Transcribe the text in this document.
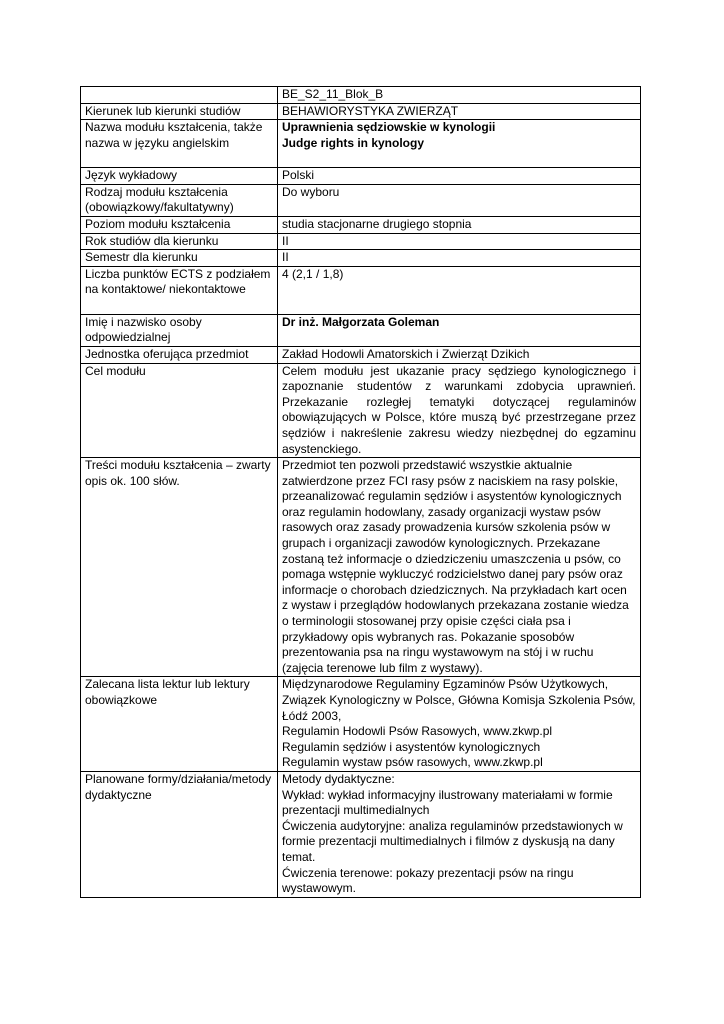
	BE_S2_11_Blok_B
Kierunek lub kierunki studiów	BEHAWIORYSTYKA ZWIERZĄT
Nazwa modułu kształcenia, także nazwa w języku angielskim	Uprawnienia sędziowskie w kynologii
Judge rights in kynology

Język wykładowy	Polski
Rodzaj modułu kształcenia (obowiązkowy/fakultatywny)	Do wyboru
Poziom modułu kształcenia	studia stacjonarne drugiego stopnia
Rok studiów dla kierunku	II
Semestr dla kierunku	II
Liczba punktów ECTS z podziałem na kontaktowe/ niekontaktowe	4 (2,1 / 1,8)
Imię i nazwisko osoby odpowiedzialnej	Dr inż. Małgorzata Goleman
Jednostka oferująca przedmiot	Zakład Hodowli Amatorskich i Zwierząt Dzikich
Cel modułu	Celem modułu jest ukazanie pracy sędziego kynologicznego i zapoznanie studentów z warunkami zdobycia uprawnień. Przekazanie rozległej tematyki dotyczącej regulaminów obowiązujących w Polsce, które muszą być przestrzegane przez sędziów i nakreślenie zakresu wiedzy niezbędnej do egzaminu asystenckiego.
Treści modułu kształcenia – zwarty opis ok. 100 słów.	Przedmiot ten pozwoli przedstawić wszystkie aktualnie zatwierdzone przez FCI rasy psów z naciskiem na rasy polskie, przeanalizować regulamin sędziów i asystentów kynologicznych oraz regulamin hodowlany, zasady organizacji wystaw psów rasowych oraz zasady prowadzenia kursów szkolenia psów w grupach i organizacji zawodów kynologicznych. Przekazane zostaną też informacje o dziedziczeniu umaszczenia u psów, co pomaga wstępnie wykluczyć rodzicielstwo danej pary psów oraz informacje o chorobach dziedzicznych. Na przykładach kart ocen z wystaw i przeglądów hodowlanych przekazana zostanie wiedza o terminologii stosowanej przy opisie części ciała psa i przykładowy opis wybranych ras. Pokazanie sposobów prezentowania psa na ringu wystawowym na stój i w ruchu (zajęcia terenowe lub film z wystawy).
Zalecana lista lektur lub lektury obowiązkowe	Międzynarodowe Regulaminy Egzaminów Psów Użytkowych, Związek Kynologiczny w Polsce, Główna Komisja Szkolenia Psów, Łódź 2003,
Regulamin Hodowli Psów Rasowych, www.zkwp.pl
Regulamin sędziów i asystentów kynologicznych
Regulamin wystaw psów rasowych, www.zkwp.pl

Planowane formy/działania/metody dydaktyczne	Metody dydaktyczne:
Wykład: wykład informacyjny ilustrowany materiałami w formie prezentacji multimedialnych
Ćwiczenia audytoryjne: analiza regulaminów przedstawionych w formie prezentacji multimedialnych i filmów z dyskusją na dany temat.
Ćwiczenia terenowe: pokazy prezentacji psów na ringu wystawowym.
